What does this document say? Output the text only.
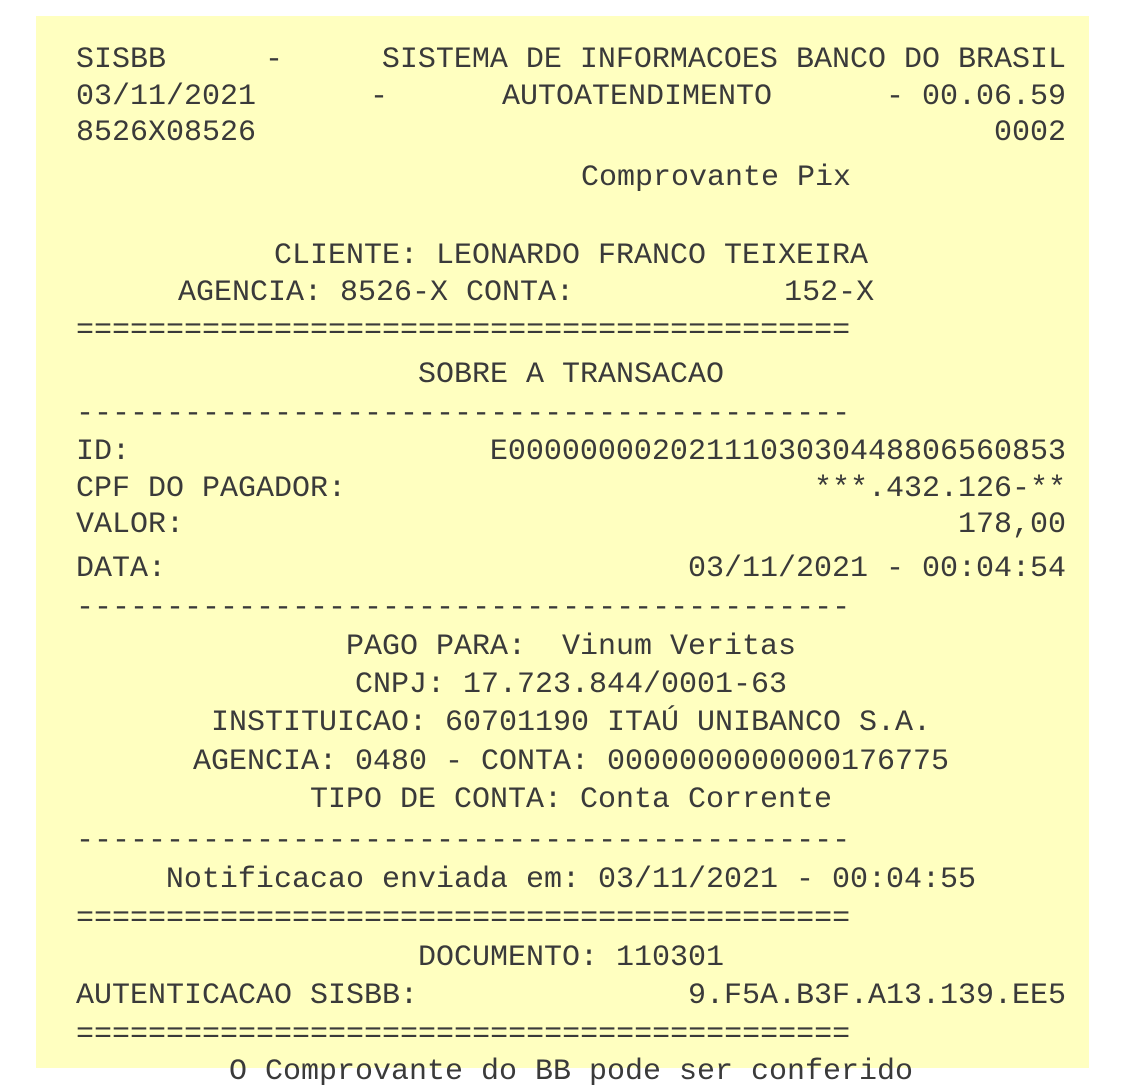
SISBB	-	SISTEMA DE INFORMACOES BANCO DO BRASIL
03/11/2021	-	AUTOATENDIMENTO	- 00.06.59
8526X08526	0002
Comprovante Pix
CLIENTE: LEONARDO FRANCO TEIXEIRA
AGENCIA: 8526-X CONTA:	152-X
===========================================
SOBRE A TRANSACAO
-------------------------------------------
ID:	E0000000020211103030448806560853
CPF DO PAGADOR:	***.432.126-**
VALOR:	178,00
DATA:	03/11/2021 - 00:04:54
-------------------------------------------
PAGO PARA:  Vinum Veritas
CNPJ: 17.723.844/0001-63
INSTITUICAO: 60701190 ITAÚ UNIBANCO S.A.
AGENCIA: 0480 - CONTA: 0000000000000176775
TIPO DE CONTA: Conta Corrente
-------------------------------------------
Notificacao enviada em: 03/11/2021 - 00:04:55
===========================================
DOCUMENTO: 110301
AUTENTICACAO SISBB:	9.F5A.B3F.A13.139.EE5
===========================================
O Comprovante do BB pode ser conferido
